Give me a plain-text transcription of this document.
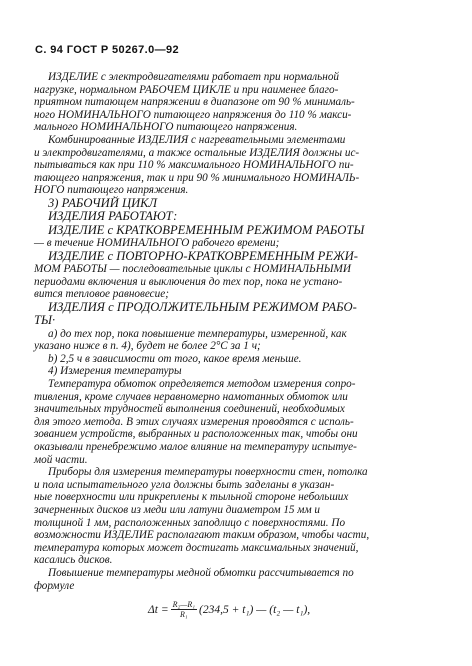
С. 94 ГОСТ Р 50267.0—92
ИЗДЕЛИЕ с электродвигателями работает при нормальной
нагрузке, нормальном РАБОЧЕМ ЦИКЛЕ и при наименее благо-
приятном питающем напряжении в диапазоне от 90 % минималь-
ного НОМИНАЛЬНОГО питающего напряжения до 110 % макси-
мального НОМИНАЛЬНОГО питающего напряжения.
Комбинированные ИЗДЕЛИЯ с нагревательными элементами
и электродвигателями, а также остальные ИЗДЕЛИЯ должны ис-
пытываться как при 110 % максимального НОМИНАЛЬНОГО пи-
тающего напряжения, так и при 90 % минимального НОМИНАЛЬ-
НОГО питающего напряжения.
3) РАБОЧИЙ ЦИКЛ
ИЗДЕЛИЯ РАБОТАЮТ:
ИЗДЕЛИЕ с КРАТКОВРЕМЕННЫМ РЕЖИМОМ РАБОТЫ
— в течение НОМИНАЛЬНОГО рабочего времени;
ИЗДЕЛИЕ с ПОВТОРНО-КРАТКОВРЕМЕННЫМ РЕЖИ-
МОМ РАБОТЫ — последовательные циклы с НОМИНАЛЬНЫМИ
периодами включения и выключения до тех пор, пока не устано-
вится тепловое равновесие;
ИЗДЕЛИЯ с ПРОДОЛЖИТЕЛЬНЫМ РЕЖИМОМ РАБО-
ТЫ·
а) до тех пор, пока повышение температуры, измеренной, как
указано ниже в п. 4), будет не более 2°С за 1 ч;
b) 2,5 ч в зависимости от того, какое время меньше.
4) Измерения температуры
Температура обмоток определяется методом измерения сопро-
тивления, кроме случаев неравномерно намотанных обмоток или
значительных трудностей выполнения соединений, необходимых
для этого метода. В этих случаях измерения проводятся с исполь-
зованием устройств, выбранных и расположенных так, чтобы они
оказывали пренебрежимо малое влияние на температуру испытуе-
мой части.
Приборы для измерения температуры поверхности стен, потолка
и пола испытательного угла должны быть заделаны в указан-
ные поверхности или прикреплены к тыльной стороне небольших
зачерненных дисков из меди или латуни диаметром 15 мм и
толщиной 1 мм, расположенных заподлицо с поверхностями. По
возможности ИЗДЕЛИЕ располагают таким образом, чтобы части,
температура которых может достигать максимальных значений,
касались дисков.
Повышение температуры медной обмотки рассчитывается по
формуле
$\Delta t = \frac{\text{R₂—R₁}}{\text{R₁}} (234,5 + t_1)$ — (t₂ — t₁),
